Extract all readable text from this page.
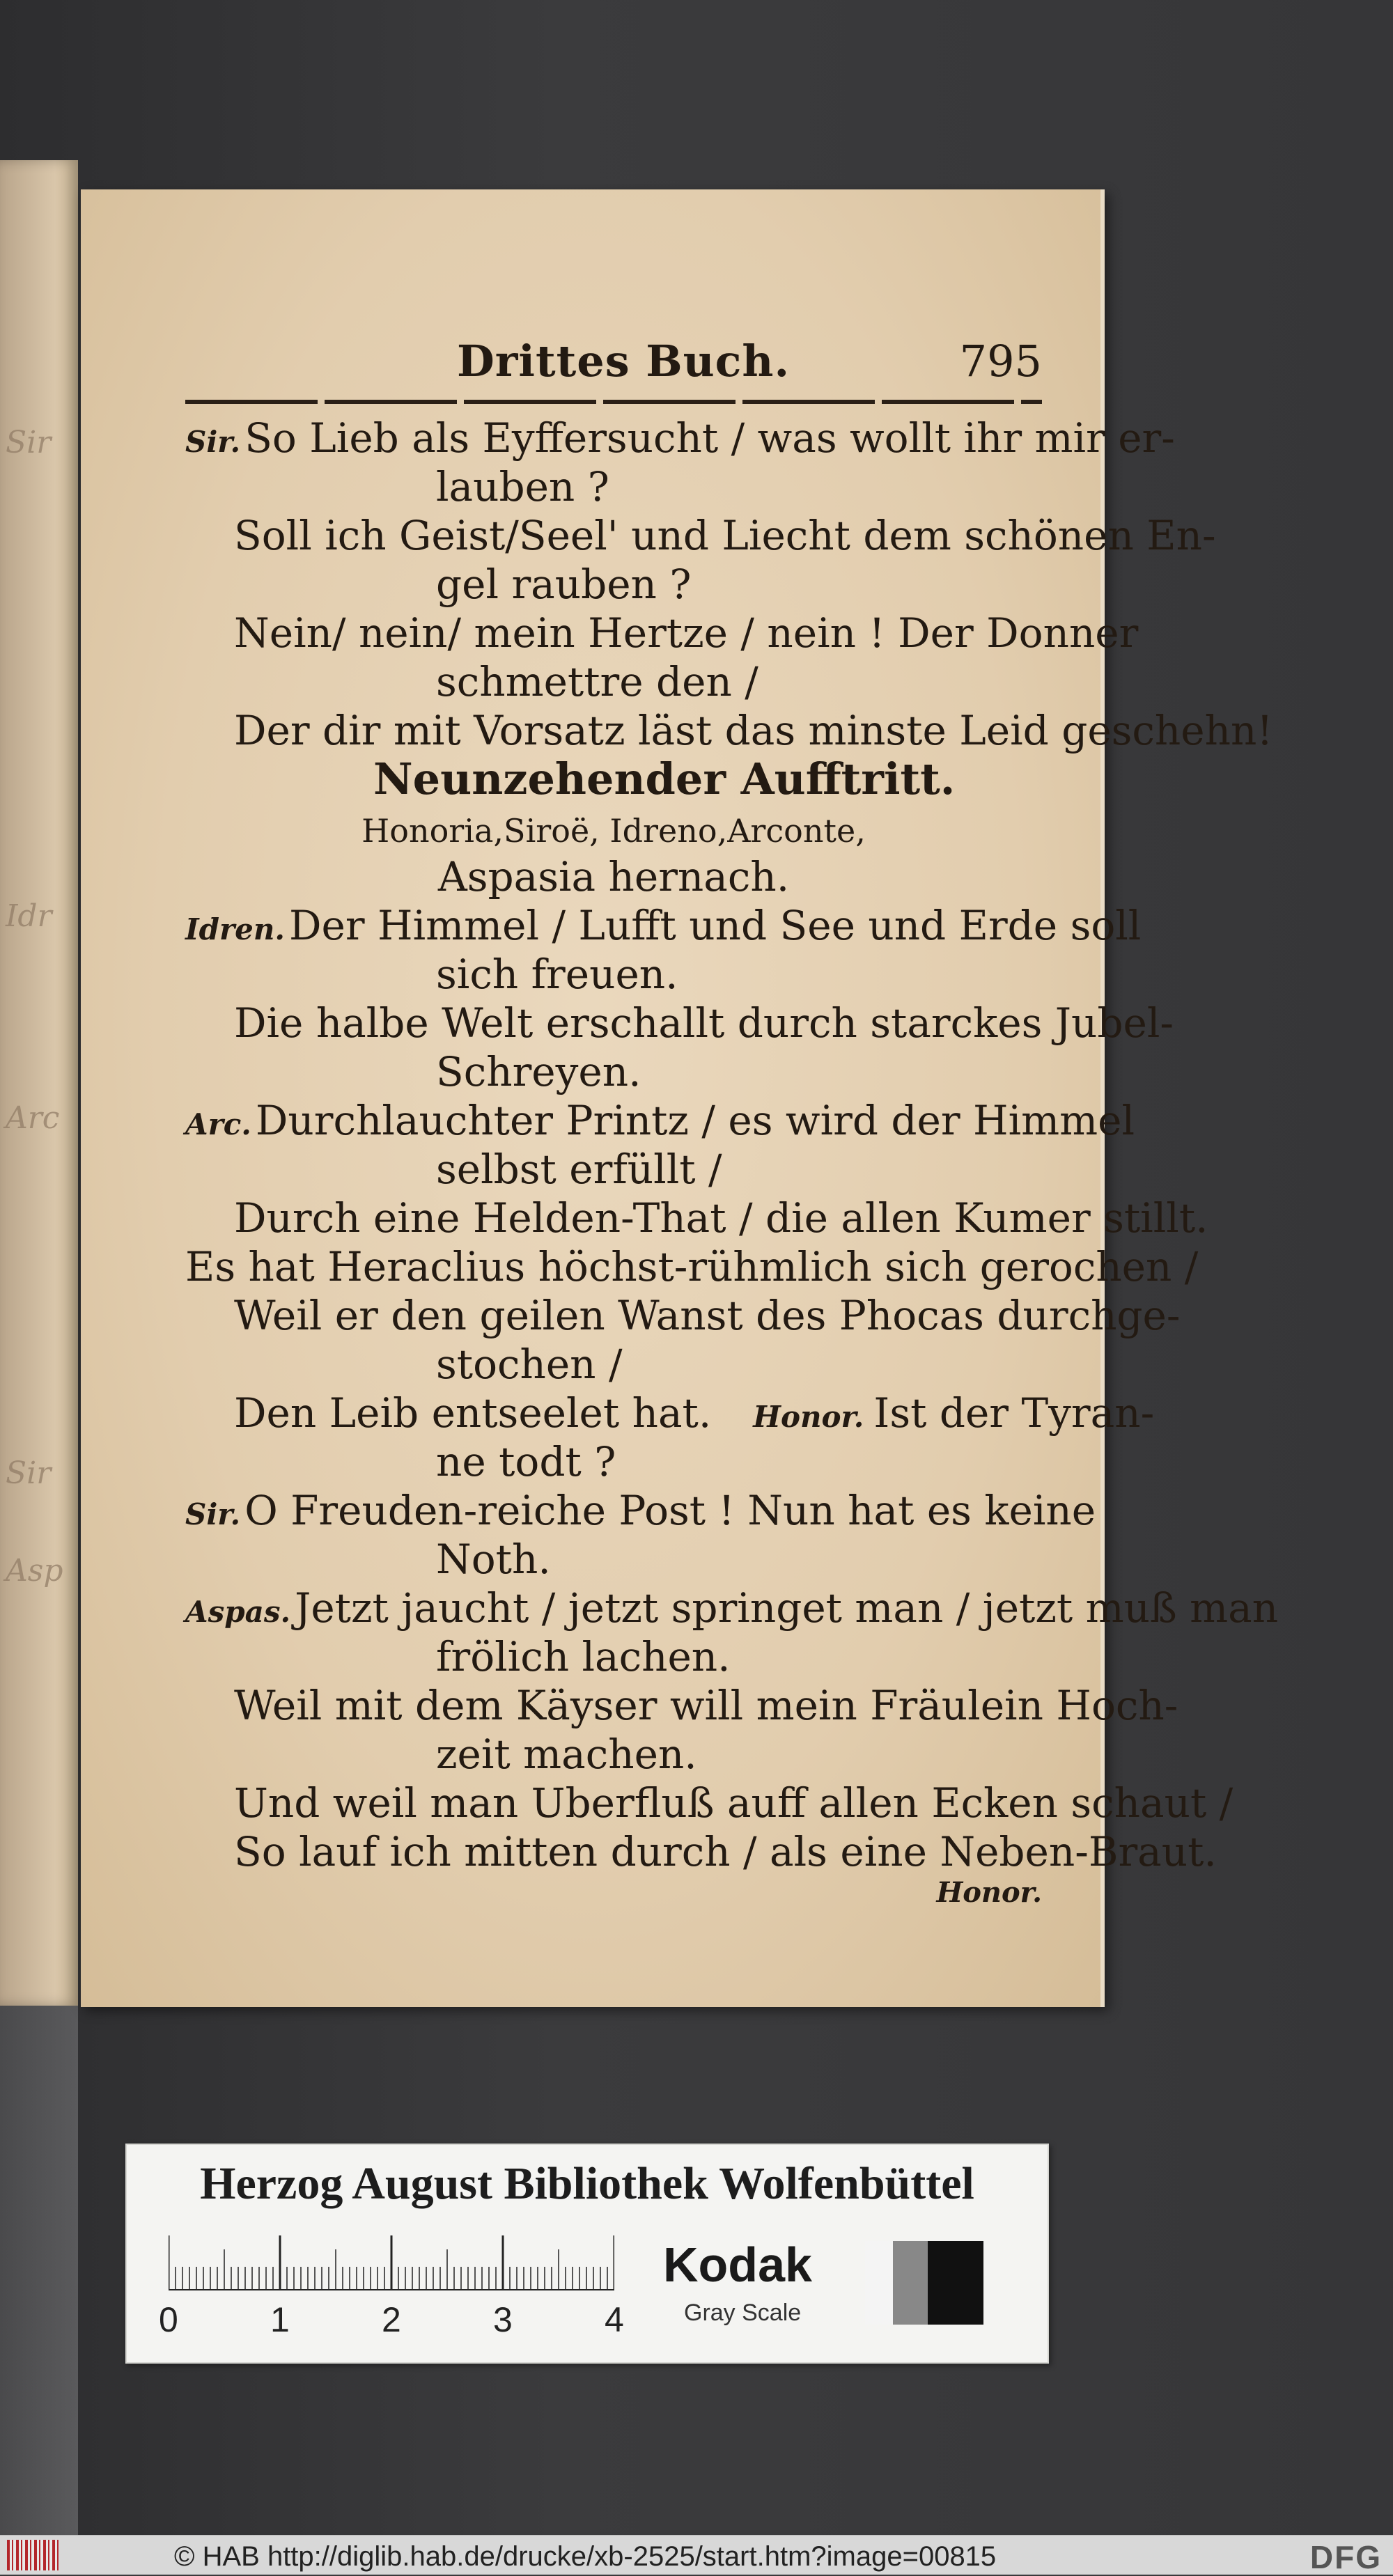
Sir
Idr
Arc
Sir
Asp
Drittes Buch.	795
Sir. So Lieb als Eyffersucht / was wollt ihr mir er-
lauben ?
Soll ich Geist/Seel' und Liecht dem schönen En-
gel rauben ?
Nein/ nein/ mein Hertze / nein ! Der Donner
schmettre den /
Der dir mit Vorsatz läst das minste Leid geschehn!
Neunzehender Aufftritt.
Honoria,Siroë, Idreno,Arconte,
Aspasia hernach.
Idren. Der Himmel / Lufft und See und Erde soll
sich freuen.
Die halbe Welt erschallt durch starckes Jubel-
Schreyen.
Arc. Durchlauchter Printz / es wird der Himmel
selbst erfüllt /
Durch eine Helden-That / die allen Kumer stillt.
Es hat Heraclius höchst-rühmlich sich gerochen /
Weil er den geilen Wanst des Phocas durchge-
stochen /
Den Leib entseelet hat. Honor. Ist der Tyran-
ne todt ?
Sir. O Freuden-reiche Post ! Nun hat es keine
Noth.
Aspas. Jetzt jaucht / jetzt springet man / jetzt muß man
frölich lachen.
Weil mit dem Käyser will mein Fräulein Hoch-
zeit machen.
Und weil man Uberfluß auff allen Ecken schaut /
So lauf ich mitten durch / als eine Neben-Braut.
Honor.
Herzog August Bibliothek Wolfenbüttel
0	1	2	3	4
Kodak
Gray Scale
© HAB http://diglib.hab.de/drucke/xb-2525/start.htm?image=00815	DFG
